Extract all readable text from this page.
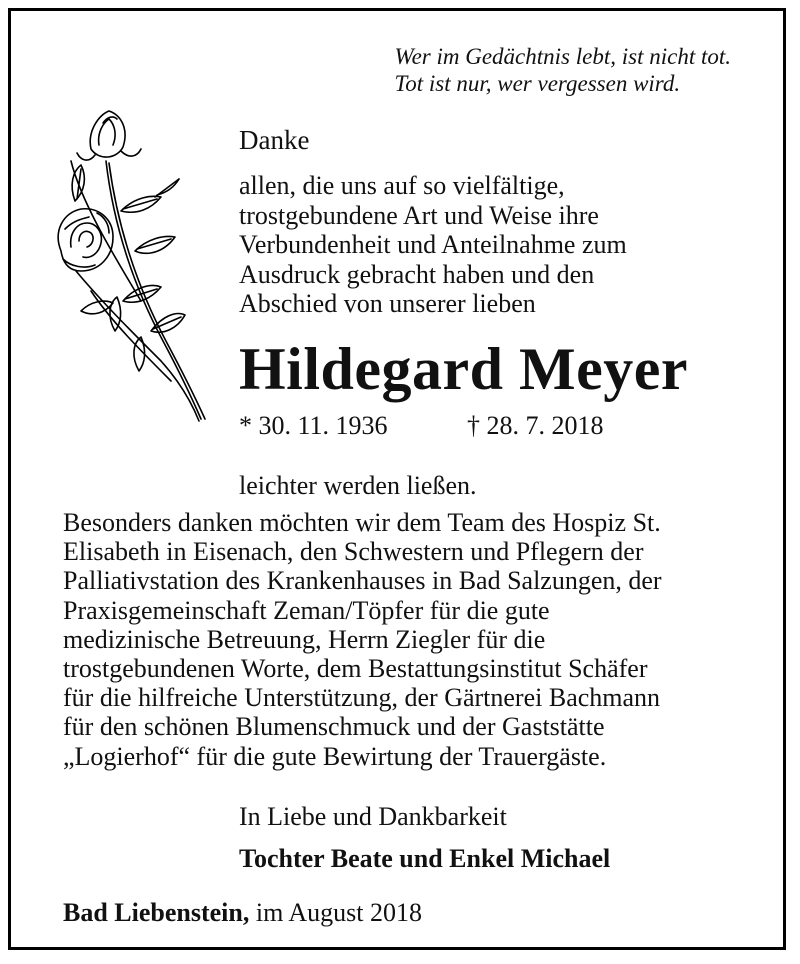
Wer im Gedächtnis lebt, ist nicht tot.
Tot ist nur, wer vergessen wird.
Danke
allen, die uns auf so vielfältige,
trostgebundene Art und Weise ihre
Verbundenheit und Anteilnahme zum
Ausdruck gebracht haben und den
Abschied von unserer lieben
Hildegard Meyer
* 30. 11. 1936	† 28. 7. 2018
leichter werden ließen.
Besonders danken möchten wir dem Team des Hospiz St.
Elisabeth in Eisenach, den Schwestern und Pflegern der
Palliativstation des Krankenhauses in Bad Salzungen, der
Praxisgemeinschaft Zeman/Töpfer für die gute
medizinische Betreuung, Herrn Ziegler für die
trostgebundenen Worte, dem Bestattungsinstitut Schäfer
für die hilfreiche Unterstützung, der Gärtnerei Bachmann
für den schönen Blumenschmuck und der Gaststätte
„Logierhof“ für die gute Bewirtung der Trauergäste.
In Liebe und Dankbarkeit
Tochter Beate und Enkel Michael
Bad Liebenstein, im August 2018
